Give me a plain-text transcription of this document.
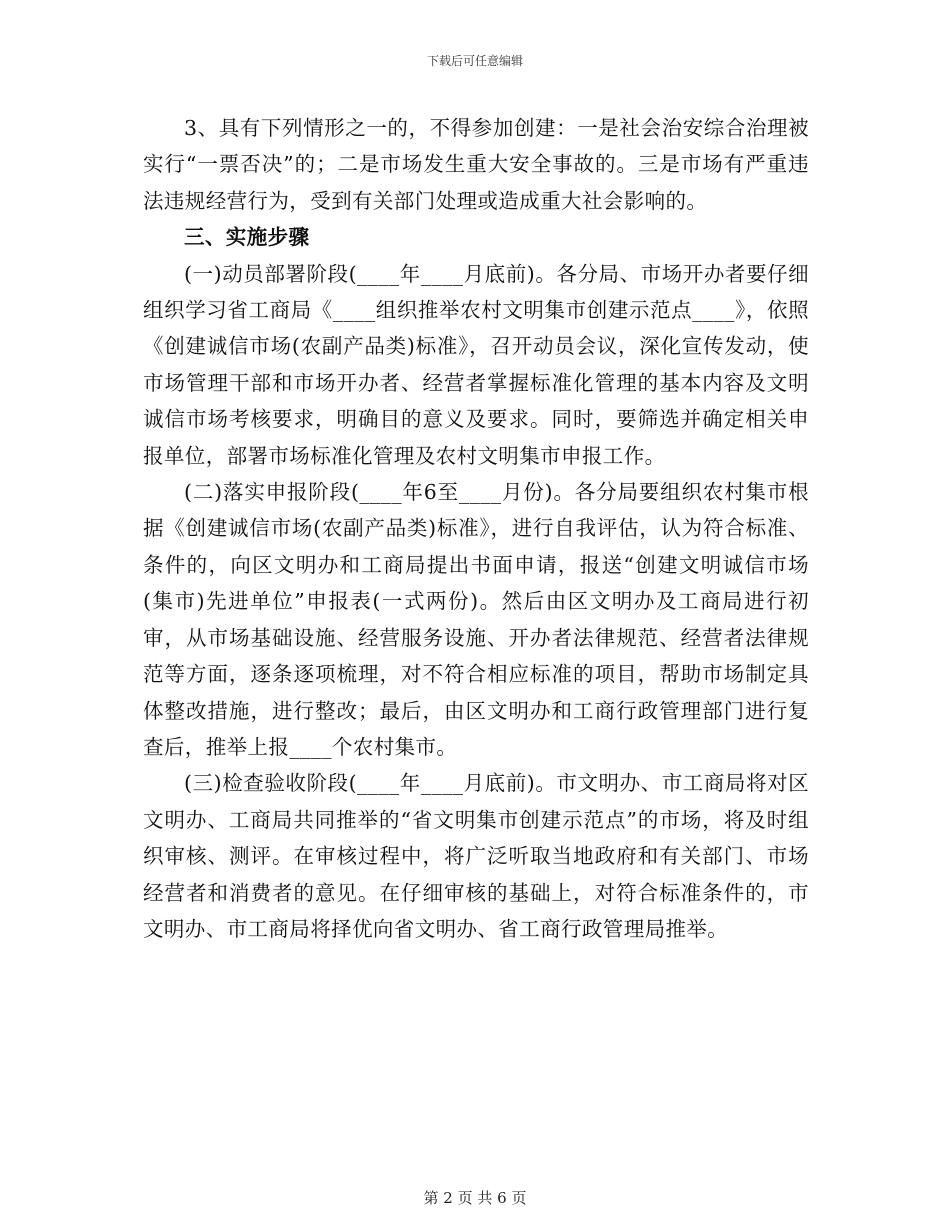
下载后可任意编辑

3、具有下列情形之一的，不得参加创建：一是社会治安综合治理被实行“一票否决”的；二是市场发生重大安全事故的。三是市场有严重违法违规经营行为，受到有关部门处理或造成重大社会影响的。

三、实施步骤

(一)动员部署阶段(____年____月底前)。各分局、市场开办者要仔细组织学习省工商局《____组织推举农村文明集市创建示范点____》，依照《创建诚信市场(农副产品类)标准》，召开动员会议，深化宣传发动，使市场管理干部和市场开办者、经营者掌握标准化管理的基本内容及文明诚信市场考核要求，明确目的意义及要求。同时，要筛选并确定相关申报单位，部署市场标准化管理及农村文明集市申报工作。

(二)落实申报阶段(____年6至____月份)。各分局要组织农村集市根据《创建诚信市场(农副产品类)标准》，进行自我评估，认为符合标准、条件的，向区文明办和工商局提出书面申请，报送“创建文明诚信市场(集市)先进单位”申报表(一式两份)。然后由区文明办及工商局进行初审，从市场基础设施、经营服务设施、开办者法律规范、经营者法律规范等方面，逐条逐项梳理，对不符合相应标准的项目，帮助市场制定具体整改措施，进行整改；最后，由区文明办和工商行政管理部门进行复查后，推举上报____个农村集市。

(三)检查验收阶段(____年____月底前)。市文明办、市工商局将对区文明办、工商局共同推举的“省文明集市创建示范点”的市场，将及时组织审核、测评。在审核过程中，将广泛听取当地政府和有关部门、市场经营者和消费者的意见。在仔细审核的基础上，对符合标准条件的，市文明办、市工商局将择优向省文明办、省工商行政管理局推举。

第 2 页 共 6 页
